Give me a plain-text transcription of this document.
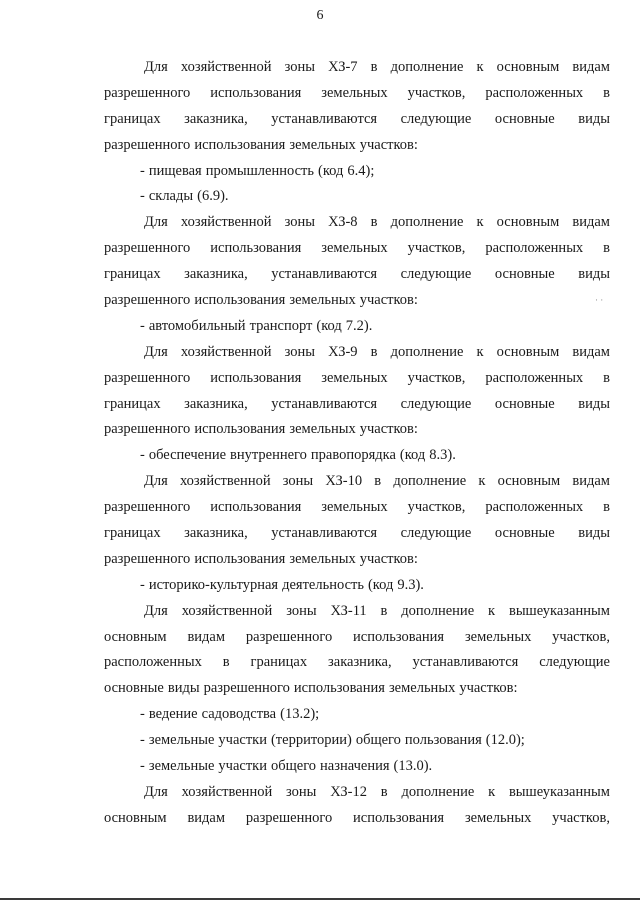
6
· ·
Для хозяйственной зоны ХЗ-7 в дополнение к основным видам
разрешенного использования земельных участков, расположенных в
границах заказника, устанавливаются следующие основные виды
разрешенного использования земельных участков:
- пищевая промышленность (код 6.4);
- склады (6.9).
Для хозяйственной зоны ХЗ-8 в дополнение к основным видам
разрешенного использования земельных участков, расположенных в
границах заказника, устанавливаются следующие основные виды
разрешенного использования земельных участков:
- автомобильный транспорт (код 7.2).
Для хозяйственной зоны ХЗ-9 в дополнение к основным видам
разрешенного использования земельных участков, расположенных в
границах заказника, устанавливаются следующие основные виды
разрешенного использования земельных участков:
- обеспечение внутреннего правопорядка (код 8.3).
Для хозяйственной зоны ХЗ-10 в дополнение к основным видам
разрешенного использования земельных участков, расположенных в
границах заказника, устанавливаются следующие основные виды
разрешенного использования земельных участков:
- историко-культурная деятельность (код 9.3).
Для хозяйственной зоны ХЗ-11 в дополнение к вышеуказанным
основным видам разрешенного использования земельных участков,
расположенных в границах заказника, устанавливаются следующие
основные виды разрешенного использования земельных участков:
- ведение садоводства (13.2);
- земельные участки (территории) общего пользования (12.0);
- земельные участки общего назначения (13.0).
Для хозяйственной зоны ХЗ-12 в дополнение к вышеуказанным
основным видам разрешенного использования земельных участков,
